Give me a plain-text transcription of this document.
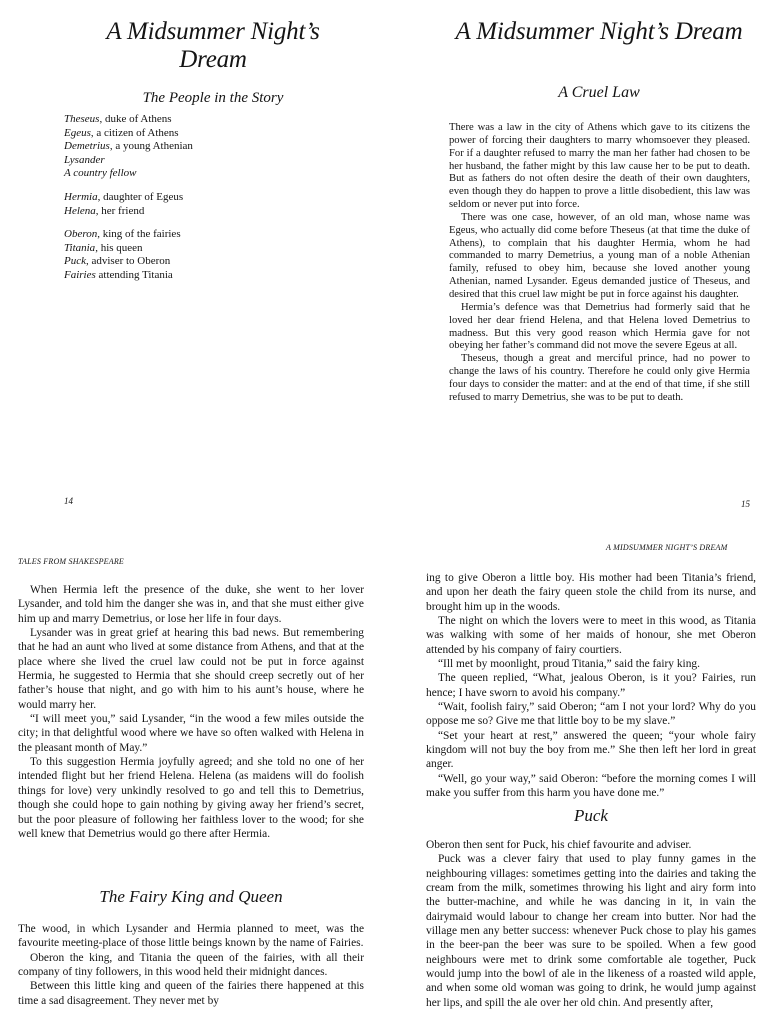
A Midsummer Night’s Dream
The People in the Story
Theseus, duke of Athens
Egeus, a citizen of Athens
Demetrius, a young Athenian
Lysander
A country fellow
Hermia, daughter of Egeus
Helena, her friend
Oberon, king of the fairies
Titania, his queen
Puck, adviser to Oberon
Fairies attending Titania
14
A Midsummer Night’s Dream
A Cruel Law

There was a law in the city of Athens which gave to its citizens the power of forcing their daughters to marry whomsoever they pleased. For if a daughter refused to marry the man her father had chosen to be her husband, the father might by this law cause her to be put to death. But as fathers do not often desire the death of their own daughters, even though they do happen to prove a little disobedient, this law was seldom or never put into force.

There was one case, however, of an old man, whose name was Egeus, who actually did come before Theseus (at that time the duke of Athens), to complain that his daughter Hermia, whom he had commanded to marry Demetrius, a young man of a noble Athenian family, refused to obey him, because she loved another young Athenian, named Lysander. Egeus demanded justice of Theseus, and desired that this cruel law might be put in force against his daughter.

Hermia’s defence was that Demetrius had formerly said that he loved her dear friend Helena, and that Helena loved Demetrius to madness. But this very good reason which Hermia gave for not obeying her father’s command did not move the severe Egeus at all.

Theseus, though a great and merciful prince, had no power to change the laws of his country. Therefore he could only give Hermia four days to consider the matter: and at the end of that time, if she still refused to marry Demetrius, she was to be put to death.

15
TALES FROM SHAKESPEARE

When Hermia left the presence of the duke, she went to her lover Lysander, and told him the danger she was in, and that she must either give him up and marry Demetrius, or lose her life in four days.

Lysander was in great grief at hearing this bad news. But remembering that he had an aunt who lived at some distance from Athens, and that at the place where she lived the cruel law could not be put in force against Hermia, he suggested to Hermia that she should creep secretly out of her father’s house that night, and go with him to his aunt’s house, where he would marry her.

“I will meet you,” said Lysander, “in the wood a few miles outside the city; in that delightful wood where we have so often walked with Helena in the pleasant month of May.”

To this suggestion Hermia joyfully agreed; and she told no one of her intended flight but her friend Helena. Helena (as maidens will do foolish things for love) very unkindly resolved to go and tell this to Demetrius, though she could hope to gain nothing by giving away her friend’s secret, but the poor pleasure of following her faithless lover to the wood; for she well knew that Demetrius would go there after Hermia.

The Fairy King and Queen

The wood, in which Lysander and Hermia planned to meet, was the favourite meeting-place of those little beings known by the name of Fairies.

Oberon the king, and Titania the queen of the fairies, with all their company of tiny followers, in this wood held their midnight dances.

Between this little king and queen of the fairies there happened at this time a sad disagreement. They never met by

A MIDSUMMER NIGHT’S DREAM

ing to give Oberon a little boy. His mother had been Titania’s friend, and upon her death the fairy queen stole the child from its nurse, and brought him up in the woods.

The night on which the lovers were to meet in this wood, as Titania was walking with some of her maids of honour, she met Oberon attended by his company of fairy courtiers.

“Ill met by moonlight, proud Titania,” said the fairy king.

The queen replied, “What, jealous Oberon, is it you? Fairies, run hence; I have sworn to avoid his company.”

“Wait, foolish fairy,” said Oberon; “am I not your lord? Why do you oppose me so? Give me that little boy to be my slave.”

“Set your heart at rest,” answered the queen; “your whole fairy kingdom will not buy the boy from me.” She then left her lord in great anger.

“Well, go your way,” said Oberon: “before the morning comes I will make you suffer from this harm you have done me.”

Puck

Oberon then sent for Puck, his chief favourite and adviser.

Puck was a clever fairy that used to play funny games in the neighbouring villages: sometimes getting into the dairies and taking the cream from the milk, sometimes throwing his light and airy form into the butter-machine, and while he was dancing in it, in vain the dairymaid would labour to change her cream into butter. Nor had the village men any better success: whenever Puck chose to play his games in the beer-pan the beer was sure to be spoiled. When a few good neighbours were met to drink some comfortable ale together, Puck would jump into the bowl of ale in the likeness of a roasted wild apple, and when some old woman was going to drink, he would jump against her lips, and spill the ale over her old chin. And presently after,
